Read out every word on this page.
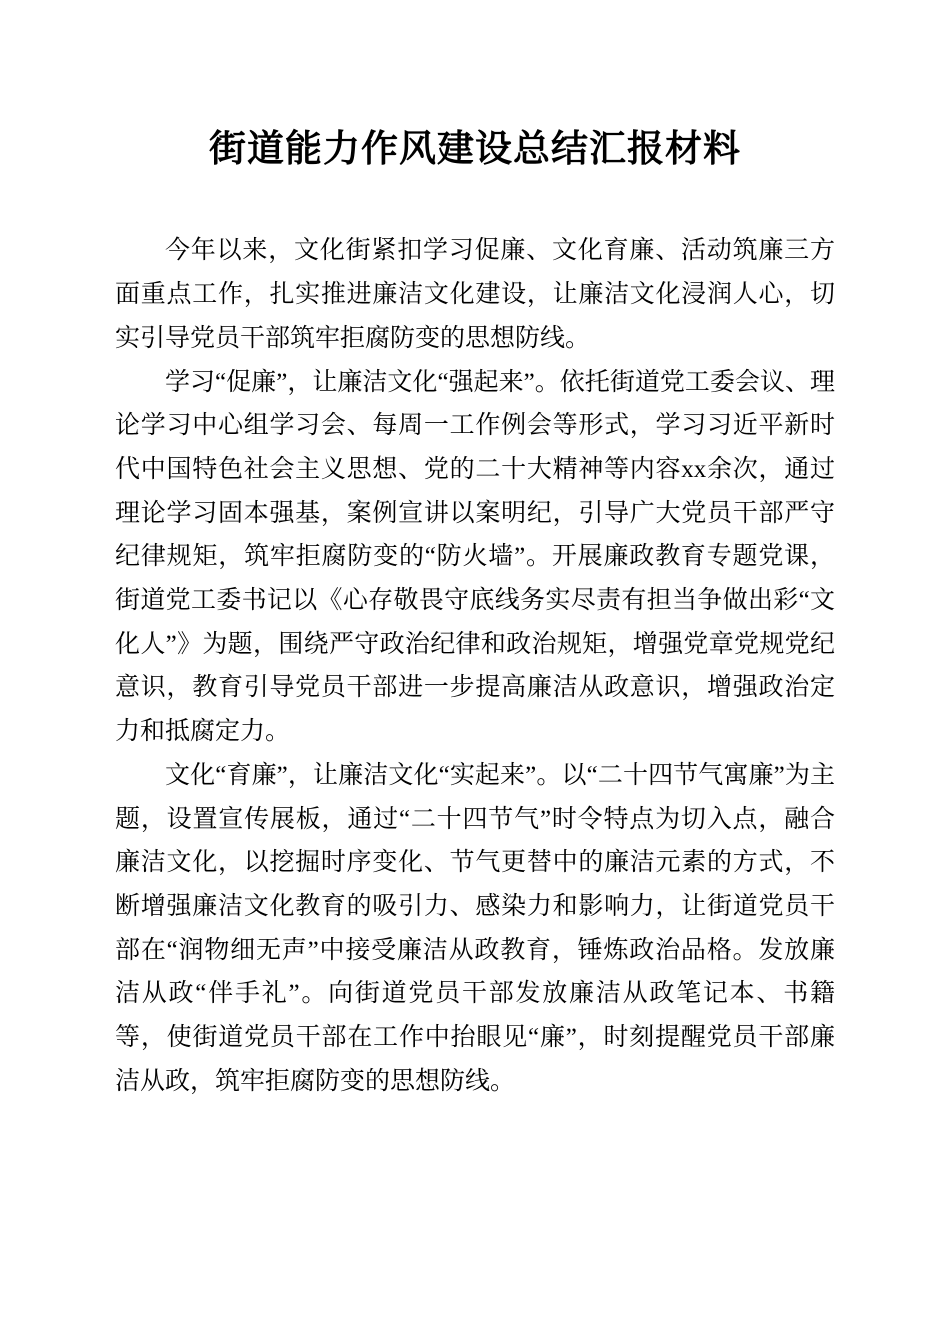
街道能力作风建设总结汇报材料

今年以来，文化街紧扣学习促廉、文化育廉、活动筑廉三方面重点工作，扎实推进廉洁文化建设，让廉洁文化浸润人心，切实引导党员干部筑牢拒腐防变的思想防线。

学习“促廉”，让廉洁文化“强起来”。依托街道党工委会议、理论学习中心组学习会、每周一工作例会等形式，学习习近平新时代中国特色社会主义思想、党的二十大精神等内容xx余次，通过理论学习固本强基，案例宣讲以案明纪，引导广大党员干部严守纪律规矩，筑牢拒腐防变的“防火墙”。开展廉政教育专题党课，街道党工委书记以《心存敬畏守底线务实尽责有担当争做出彩“文化人”》为题，围绕严守政治纪律和政治规矩，增强党章党规党纪意识，教育引导党员干部进一步提高廉洁从政意识，增强政治定力和抵腐定力。

文化“育廉”，让廉洁文化“实起来”。以“二十四节气寓廉”为主题，设置宣传展板，通过“二十四节气”时令特点为切入点，融合廉洁文化，以挖掘时序变化、节气更替中的廉洁元素的方式，不断增强廉洁文化教育的吸引力、感染力和影响力，让街道党员干部在“润物细无声”中接受廉洁从政教育，锤炼政治品格。发放廉洁从政“伴手礼”。向街道党员干部发放廉洁从政笔记本、书籍等，使街道党员干部在工作中抬眼见“廉”，时刻提醒党员干部廉洁从政，筑牢拒腐防变的思想防线。
